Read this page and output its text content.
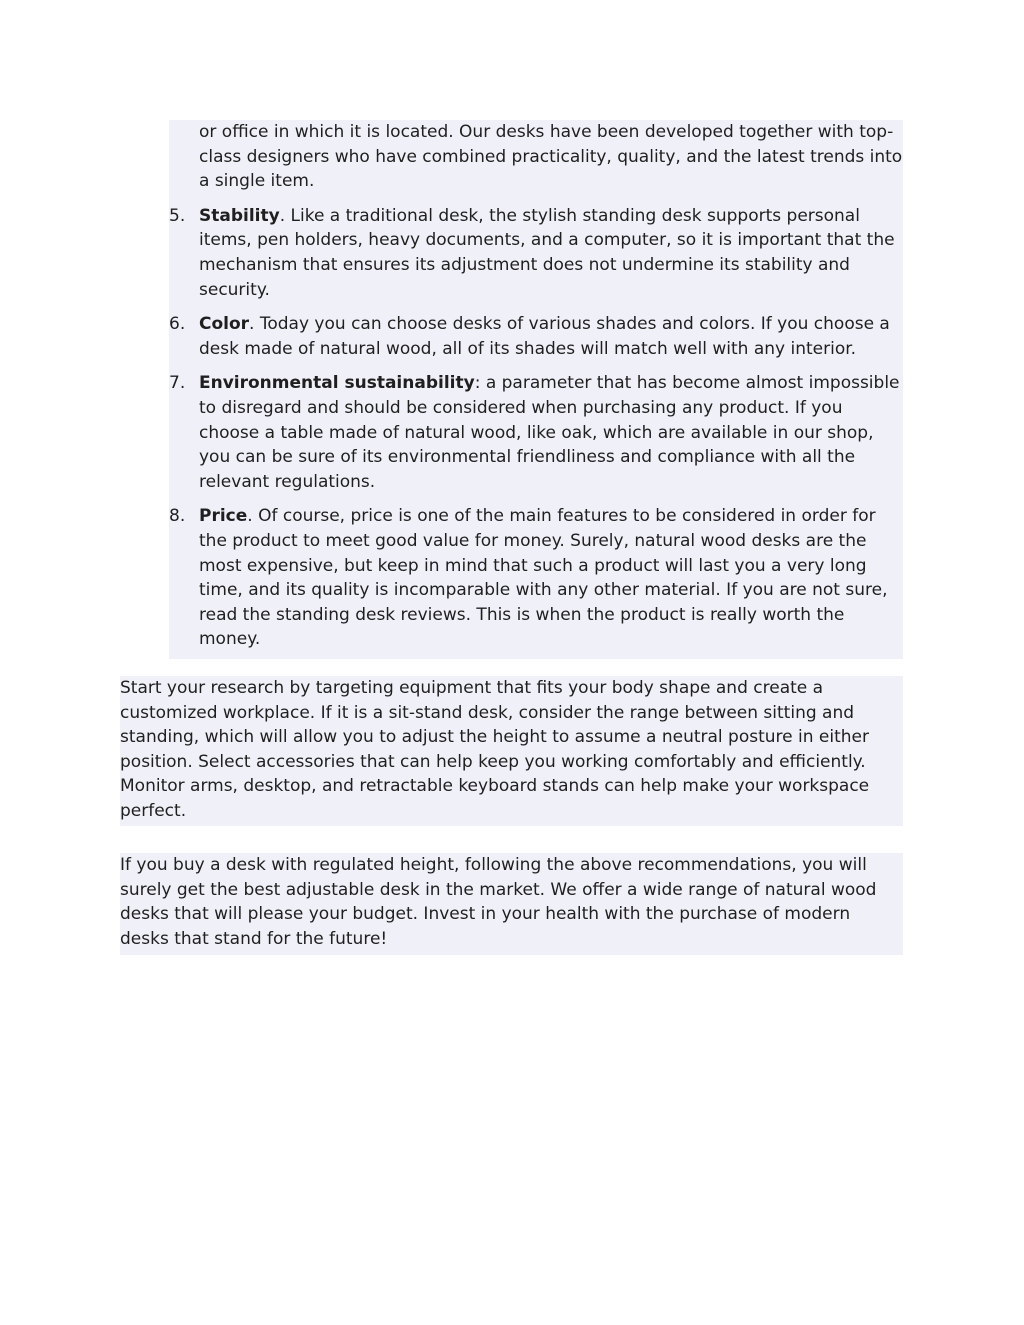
or office in which it is located. Our desks have been developed together with top-class designers who have combined practicality, quality, and the latest trends into a single item.
5. Stability. Like a traditional desk, the stylish standing desk supports personal items, pen holders, heavy documents, and a computer, so it is important that the mechanism that ensures its adjustment does not undermine its stability and security.
6. Color. Today you can choose desks of various shades and colors. If you choose a desk made of natural wood, all of its shades will match well with any interior.
7. Environmental sustainability: a parameter that has become almost impossible to disregard and should be considered when purchasing any product. If you choose a table made of natural wood, like oak, which are available in our shop, you can be sure of its environmental friendliness and compliance with all the relevant regulations.
8. Price. Of course, price is one of the main features to be considered in order for the product to meet good value for money. Surely, natural wood desks are the most expensive, but keep in mind that such a product will last you a very long time, and its quality is incomparable with any other material. If you are not sure, read the standing desk reviews. This is when the product is really worth the money.

Start your research by targeting equipment that fits your body shape and create a customized workplace. If it is a sit-stand desk, consider the range between sitting and standing, which will allow you to adjust the height to assume a neutral posture in either position. Select accessories that can help keep you working comfortably and efficiently. Monitor arms, desktop, and retractable keyboard stands can help make your workspace perfect.

If you buy a desk with regulated height, following the above recommendations, you will surely get the best adjustable desk in the market. We offer a wide range of natural wood desks that will please your budget. Invest in your health with the purchase of modern desks that stand for the future!
